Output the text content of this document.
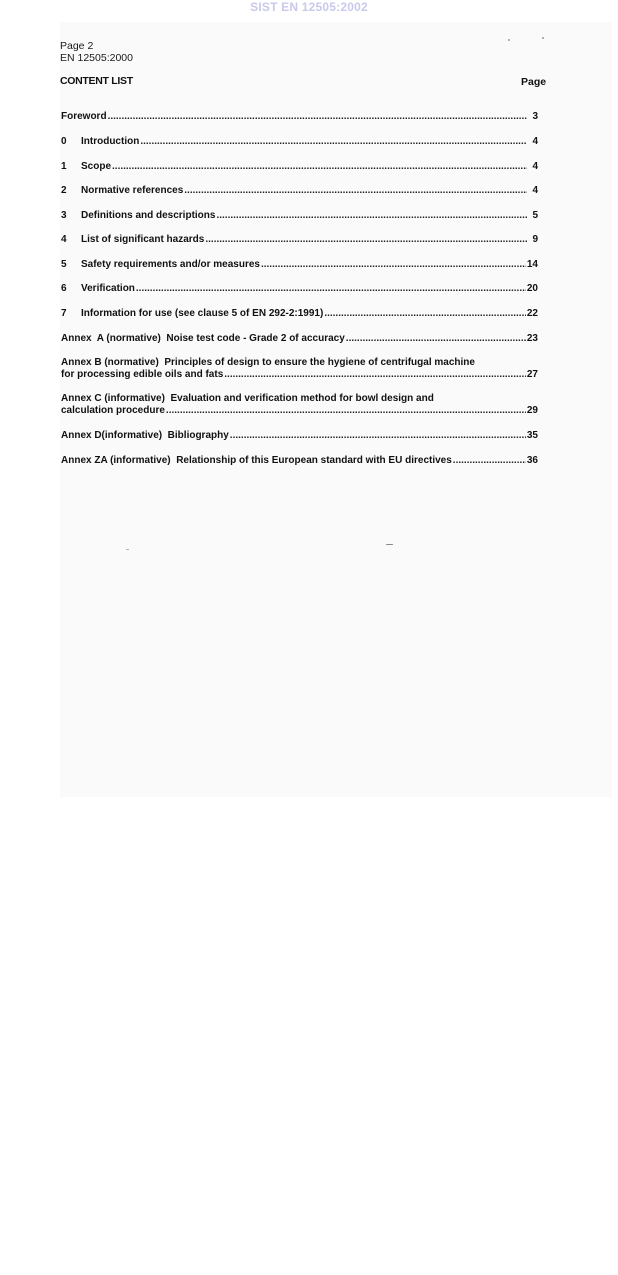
SIST EN 12505:2002
Page 2
EN 12505:2000
CONTENT LIST	Page
Foreword .....	3
0	Introduction .....	4
1	Scope .....	4
2	Normative references .....	4
3	Definitions and descriptions .....	5
4	List of significant hazards .....	9
5	Safety requirements and/or measures .....	14
6	Verification .....	20
7	Information for use (see clause 5 of EN 292-2:1991) .....	22
Annex  A (normative)  Noise test code - Grade 2 of accuracy .....	23
Annex B (normative)  Principles of design to ensure the hygiene of centrifugal machine
for processing edible oils and fats .....	27
Annex C (informative)  Evaluation and verification method for bowl design and
calculation procedure .....	29
Annex D(informative)  Bibliography .....	35
Annex ZA (informative)  Relationship of this European standard with EU directives .....	36
